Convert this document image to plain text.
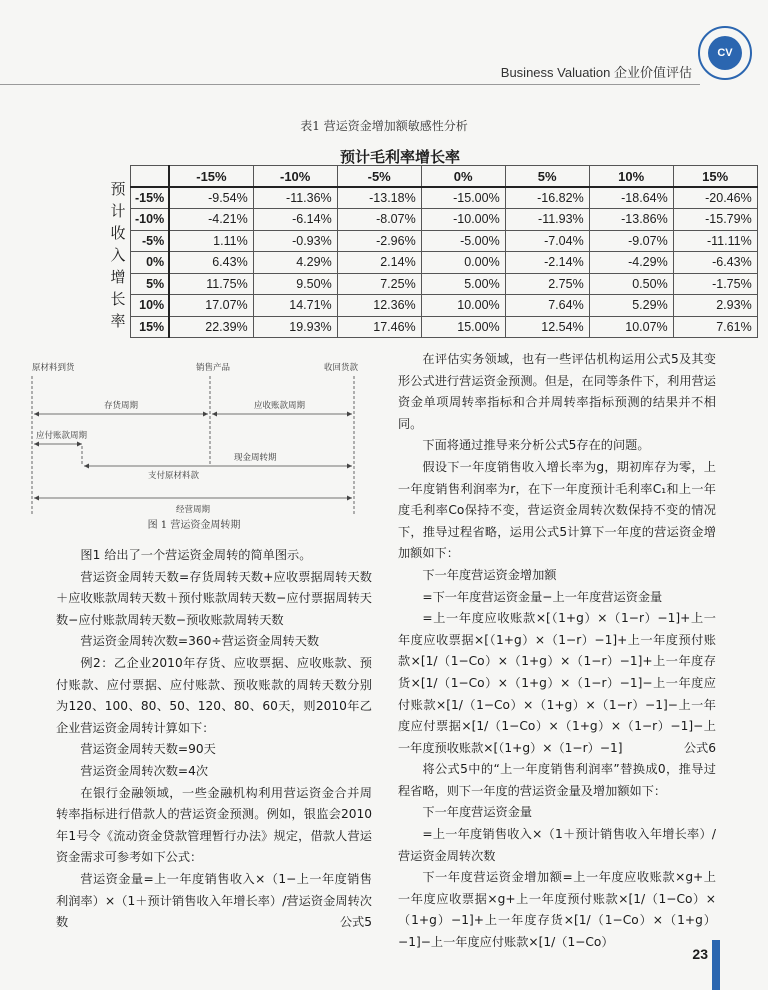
Business Valuation 企业价值评估
CV
表1 营运资金增加额敏感性分析
预计毛利率增长率
预
计
收
入
增
长
率
	-15%	-10%	-5%	0%	5%	10%	15%
-15%	-9.54%	-11.36%	-13.18%	-15.00%	-16.82%	-18.64%	-20.46%
-10%	-4.21%	-6.14%	-8.07%	-10.00%	-11.93%	-13.86%	-15.79%
-5%	1.11%	-0.93%	-2.96%	-5.00%	-7.04%	-9.07%	-11.11%
0%	6.43%	4.29%	2.14%	0.00%	-2.14%	-4.29%	-6.43%
5%	11.75%	9.50%	7.25%	5.00%	2.75%	0.50%	-1.75%
10%	17.07%	14.71%	12.36%	10.00%	7.64%	5.29%	2.93%
15%	22.39%	19.93%	17.46%	15.00%	12.54%	10.07%	7.61%
原材料到货	销售产品	收回货款
存货周期	应收账款周期
应付账款周期
支付原材料款
现金周转期
经营周期
图 1 营运资金周转期

图1 给出了一个营运资金周转的简单图示。

营运资金周转天数=存货周转天数+应收票据周转天数＋应收账款周转天数＋预付账款周转天数−应付票据周转天数−应付账款周转天数−预收账款周转天数

营运资金周转次数=360÷营运资金周转天数

例2：乙企业2010年存货、应收票据、应收账款、预付账款、应付票据、应付账款、预收账款的周转天数分别为120、100、80、50、120、80、60天，则2010年乙企业营运资金周转计算如下：

营运资金周转天数=90天

营运资金周转次数=4次

在银行金融领域，一些金融机构利用营运资金合并周转率指标进行借款人的营运资金预测。例如，银监会2010年1号令《流动资金贷款管理暂行办法》规定，借款人营运资金需求可参考如下公式：

营运资金量=上一年度销售收入×（1−上一年度销售利润率）×（1＋预计销售收入年增长率）/营运资金周转次数	公式5

在评估实务领域，也有一些评估机构运用公式5及其变形公式进行营运资金预测。但是，在同等条件下，利用营运资金单项周转率指标和合并周转率指标预测的结果并不相同。

下面将通过推导来分析公式5存在的问题。

假设下一年度销售收入增长率为g，期初库存为零，上一年度销售利润率为r，在下一年度预计毛利率C₁和上一年度毛利率Co保持不变，营运资金周转次数保持不变的情况下，推导过程省略，运用公式5计算下一年度的营运资金增加额如下：

下一年度营运资金增加额

=下一年度营运资金量−上一年度营运资金量

=上一年度应收账款×[（1+g）×（1−r）−1]+上一年度应收票据×[（1+g）×（1−r）−1]+上一年度预付账款×[1/（1−Co）×（1+g）×（1−r）−1]+上一年度存货×[1/（1−Co）×（1+g）×（1−r）−1]−上一年度应付账款×[1/（1−Co）×（1+g）×（1−r）−1]−上一年度应付票据×[1/（1−Co）×（1+g）×（1−r）−1]−上一年度预收账款×[（1+g）×（1−r）−1]	公式6

将公式5中的“上一年度销售利润率”替换成0，推导过程省略，则下一年度的营运资金量及增加额如下：

下一年度营运资金量

=上一年度销售收入×（1＋预计销售收入年增长率）/营运资金周转次数

下一年度营运资金增加额=上一年度应收账款×g+上一年度应收票据×g+上一年度预付账款×[1/（1−Co）×（1+g）−1]+上一年度存货×[1/（1−Co）×（1+g）−1]−上一年度应付账款×[1/（1−Co）

23
